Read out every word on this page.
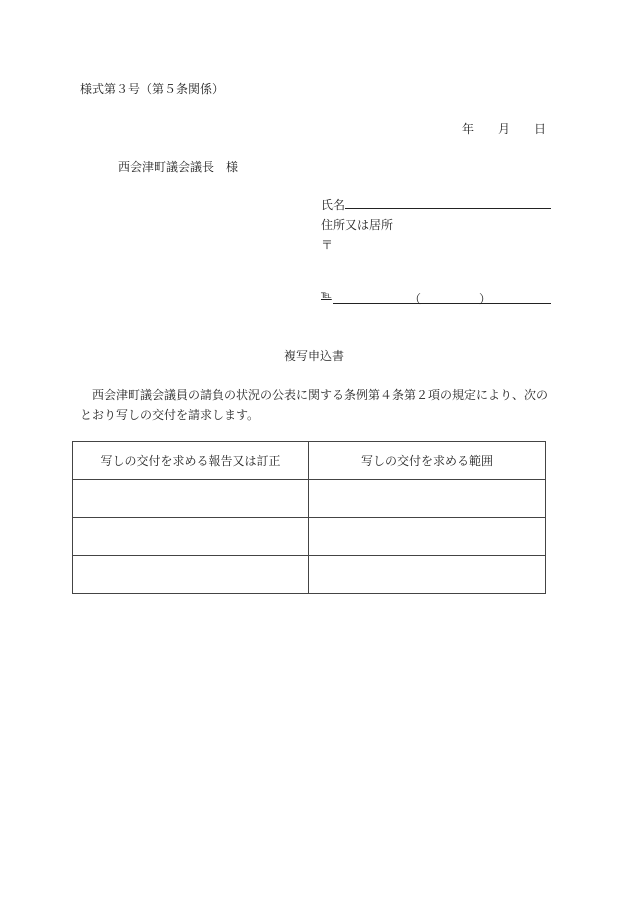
様式第３号（第５条関係）
年 月 日
西会津町議会議長　様
氏名
住所又は居所
〒
℡	（	）
複写申込書
　西会津町議会議員の請負の状況の公表に関する条例第４条第２項の規定により、次のとおり写しの交付を請求します。
写しの交付を求める報告又は訂正	写しの交付を求める範囲
